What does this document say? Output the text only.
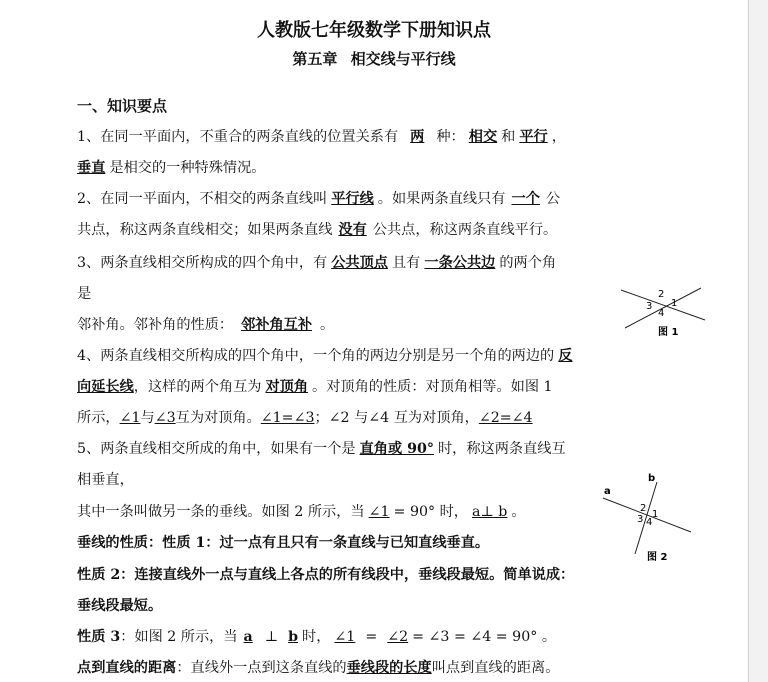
人教版七年级数学下册知识点
第五章 相交线与平行线
一、知识要点
1、在同一平面内，不重合的两条直线的位置关系有 两 种： 相交 和 平行 ，
垂直 是相交的一种特殊情况。
2、在同一平面内，不相交的两条直线叫 平行线 。如果两条直线只有 一个 公
共点，称这两条直线相交；如果两条直线 没有 公共点，称这两条直线平行。
3、两条直线相交所构成的四个角中，有 公共顶点 且有 一条公共边 的两个角
是
邻补角。邻补角的性质： 邻补角互补 。
4、两条直线相交所构成的四个角中，一个角的两边分别是另一个角的两边的 反
向延长线，这样的两个角互为 对顶角 。对顶角的性质：对顶角相等。如图 1
所示，∠1与∠3互为对顶角。∠1=∠3；∠2 与∠4 互为对顶角，∠2=∠4
5、两条直线相交所成的角中，如果有一个是 直角或 90° 时，称这两条直线互
相垂直，
其中一条叫做另一条的垂线。如图 2 所示，当 ∠1 = 90° 时， a⊥ b 。
垂线的性质：性质 1：过一点有且只有一条直线与已知直线垂直。
性质 2：连接直线外一点与直线上各点的所有线段中，垂线段最短。简单说成：
垂线段最短。
性质 3：如图 2 所示，当 a ⊥ b 时， ∠1 = ∠2 = ∠3 = ∠4 = 90° 。
点到直线的距离：直线外一点到这条直线的垂线段的长度叫点到直线的距离。
2
1
3
4
图 1
a
b
2
1
3 4
图 2
